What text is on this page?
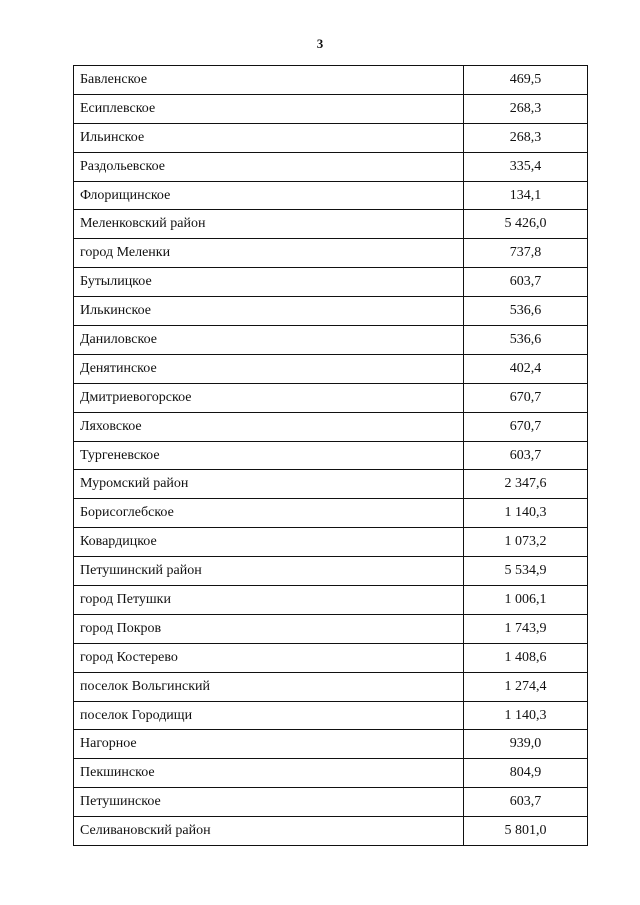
3
Бавленское	469,5
Есиплевское	268,3
Ильинское	268,3
Раздольевское	335,4
Флорищинское	134,1
Меленковский район	5 426,0
город Меленки	737,8
Бутылицкое	603,7
Илькинское	536,6
Даниловское	536,6
Денятинское	402,4
Дмитриевогорское	670,7
Ляховское	670,7
Тургеневское	603,7
Муромский район	2 347,6
Борисоглебское	1 140,3
Ковардицкое	1 073,2
Петушинский район	5 534,9
город Петушки	1 006,1
город Покров	1 743,9
город Костерево	1 408,6
поселок Вольгинский	1 274,4
поселок Городищи	1 140,3
Нагорное	939,0
Пекшинское	804,9
Петушинское	603,7
Селивановский район	5 801,0
